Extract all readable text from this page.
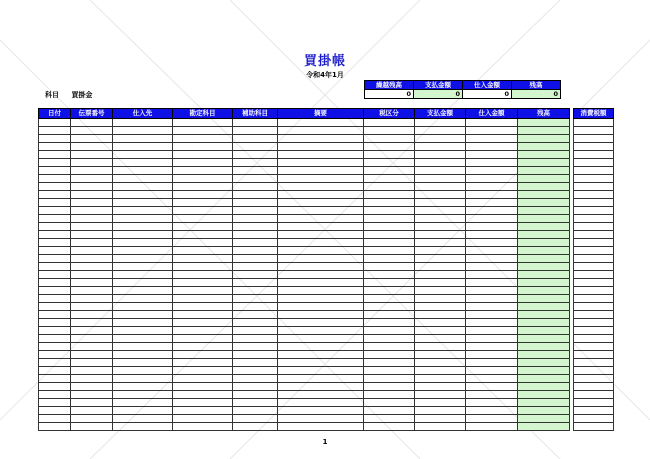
買掛帳
令和4年1月
科目 買掛金
繰越残高	支払金額	仕入金額	残高
0	0	0	0
日付	伝票番号	仕入先	勘定科目	補助科目	摘要	税区分	支払金額	仕入金額	残高		消費税額

1
